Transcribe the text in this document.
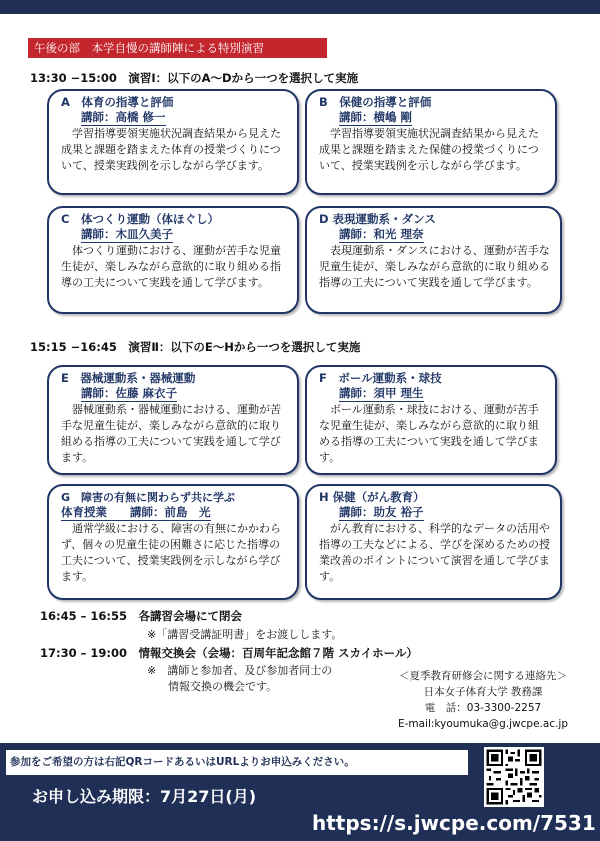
午後の部　本学自慢の講師陣による特別演習
13:30 −15:00　演習Ⅰ：以下のA〜Dから一つを選択して実施
A　体育の指導と評価
講師：高橋 修一
学習指導要領実施状況調査結果から見えた成果と課題を踏まえた体育の授業づくりについて、授業実践例を示しながら学びます。
B　保健の指導と評価
講師：横嶋 剛
学習指導要領実施状況調査結果から見えた成果と課題を踏まえた保健の授業づくりについて、授業実践例を示しながら学びます。
C　体つくり運動（体ほぐし）
講師：木皿久美子
体つくり運動における、運動が苦手な児童生徒が、楽しみながら意欲的に取り組める指導の工夫について実践を通して学びます。
D 表現運動系・ダンス
講師：和光 理奈
表現運動系・ダンスにおける、運動が苦手な児童生徒が、楽しみながら意欲的に取り組める指導の工夫について実践を通して学びます。
15:15 −16:45　演習Ⅱ：以下のE〜Hから一つを選択して実施
E　器械運動系・器械運動
講師：佐藤 麻衣子
器械運動系・器械運動における、運動が苦手な児童生徒が、楽しみながら意欲的に取り組める指導の工夫について実践を通して学びます。
F　ボール運動系・球技
講師：須甲 理生
ボール運動系・球技における、運動が苦手な児童生徒が、楽しみながら意欲的に取り組める指導の工夫について実践を通して学びます。
G　障害の有無に関わらず共に学ぶ
体育授業　　講師：前島　光
通常学級における、障害の有無にかかわらず、個々の児童生徒の困難さに応じた指導の工夫について、授業実践例を示しながら学びます。
H 保健（がん教育）
講師：助友 裕子
がん教育における、科学的なデータの活用や指導の工夫などによる、学びを深めるための授業改善のポイントについて演習を通して学びます。
16:45 – 16:55　各講習会場にて閉会
※「講習受講証明書」をお渡しします。
17:30 – 19:00　情報交換会（会場：百周年記念館７階 スカイホール）
※　講師と参加者、及び参加者同士の
情報交換の機会です。
＜夏季教育研修会に関する連絡先＞
日本女子体育大学 教務課
電　話：03-3300-2257
E-mail:kyoumuka@g.jwcpe.ac.jp
参加をご希望の方は右記QRコードあるいはURLよりお申込みください。
お申し込み期限：7月27日(月)
https://s.jwcpe.com/7531
